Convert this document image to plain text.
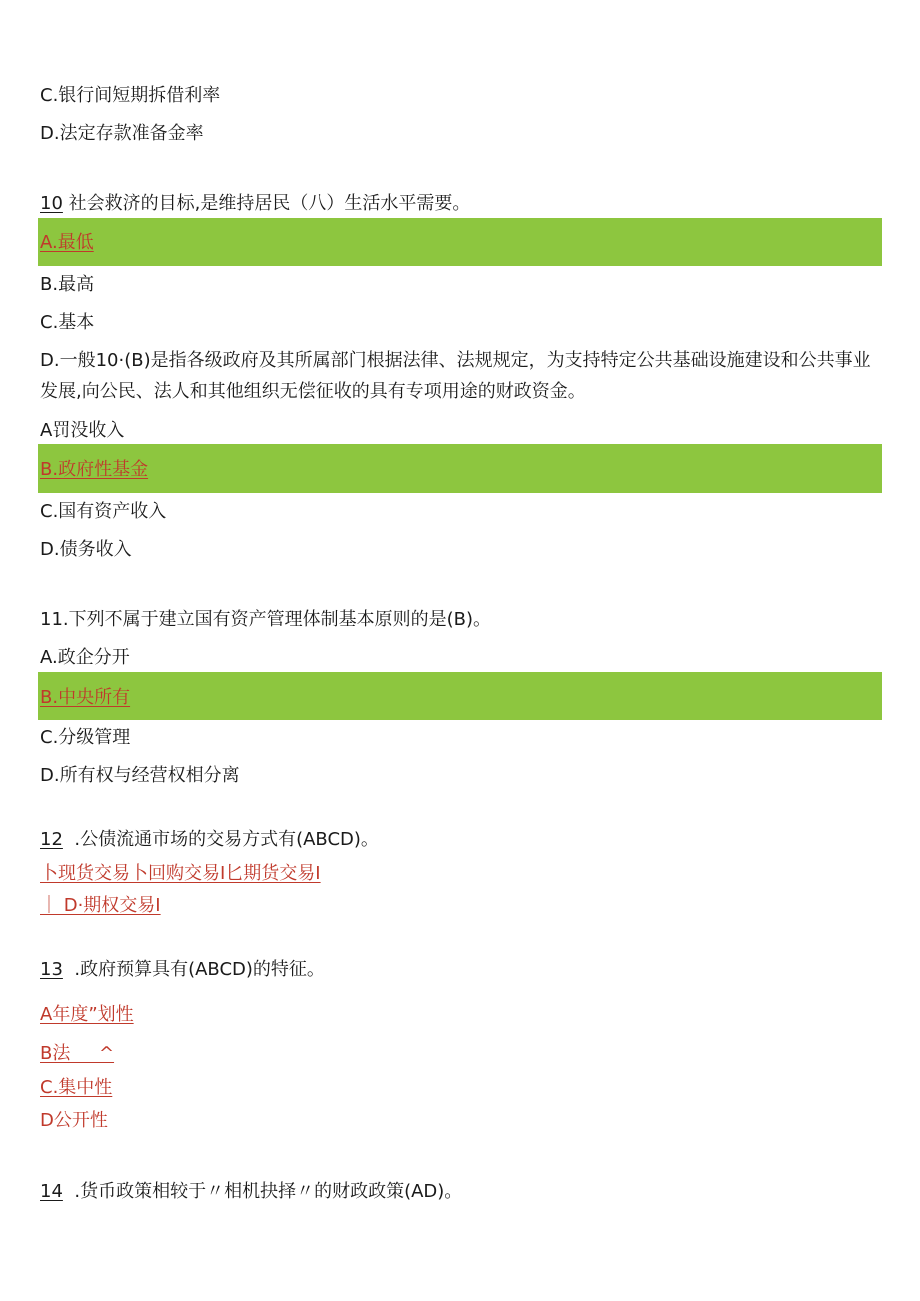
C.银行间短期拆借利率
D.法定存款准备金率
10 社会救济的目标,是维持居民（八）生活水平需要。
A.最低
B.最高
C.基本
D.一般10·(B)是指各级政府及其所属部门根据法律、法规规定，为支持特定公共基础设施建设和公共事业发展,向公民、法人和其他组织无偿征收的具有专项用途的财政资金。
A罚没收入
B.政府性基金
C.国有资产收入
D.债务收入
11.下列不属于建立国有资产管理体制基本原则的是(B)。
A.政企分开
B.中央所有
C.分级管理
D.所有权与经营权相分离
12  .公债流通市场的交易方式有(ABCD)。
卜现货交易卜回购交易I匕期货交易I
｜ D·期权交易I
13  .政府预算具有(ABCD)的特征。
A年度”划性
B法     ^
C.集中性
D公开性
14  .货币政策相较于〃相机抉择〃的财政政策(AD)。
